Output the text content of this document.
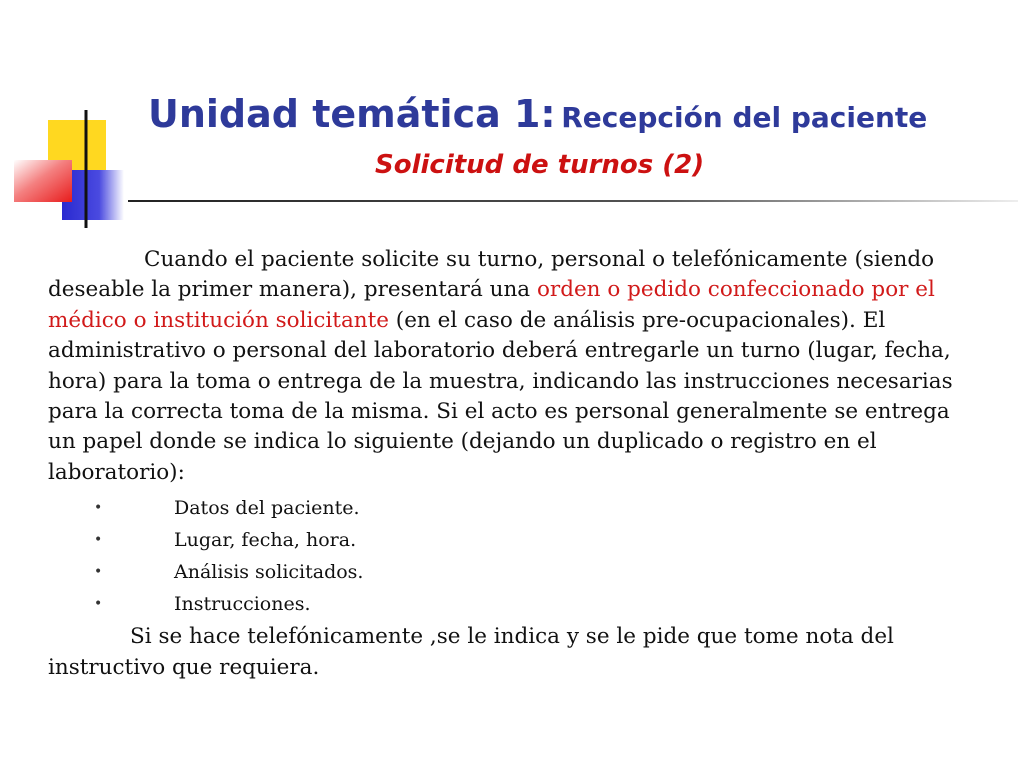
Unidad temática 1: Recepción del paciente
Solicitud de turnos (2)

Cuando el paciente solicite su turno, personal o telefónicamente (siendo deseable la primer manera), presentará una orden o pedido confeccionado por el médico o institución solicitante (en el caso de análisis pre-ocupacionales). El administrativo o personal del laboratorio deberá entregarle un turno (lugar, fecha, hora) para la toma o entrega de la muestra, indicando las instrucciones necesarias para la correcta toma de la misma. Si el acto es personal generalmente se entrega un papel donde se indica lo siguiente (dejando un duplicado o registro en el laboratorio):

•	Datos del paciente.
•	Lugar, fecha, hora.
•	Análisis solicitados.
•	Instrucciones.

Si se hace telefónicamente ,se le indica y se le pide que tome nota del instructivo que requiera.
